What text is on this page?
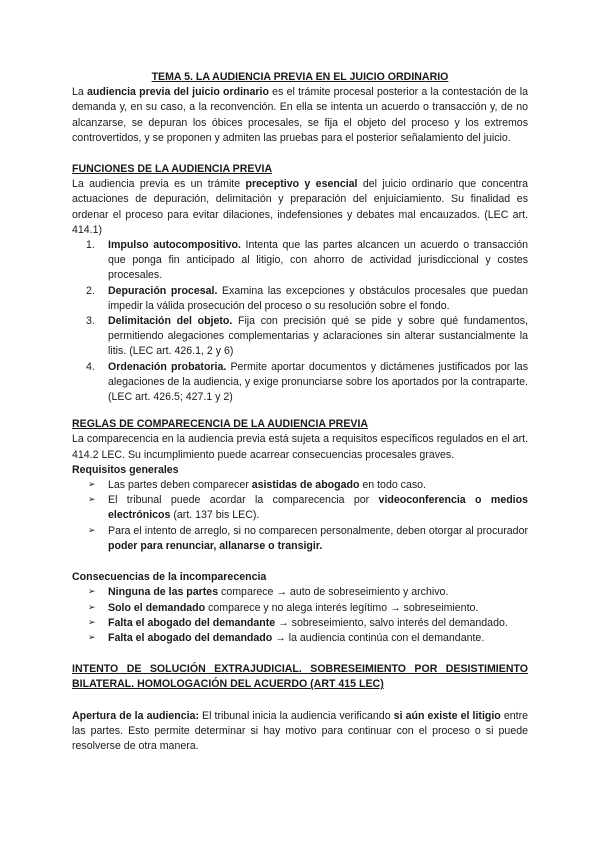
TEMA 5. LA AUDIENCIA PREVIA EN EL JUICIO ORDINARIO

La audiencia previa del juicio ordinario es el trámite procesal posterior a la contestación de la demanda y, en su caso, a la reconvención. En ella se intenta un acuerdo o transacción y, de no alcanzarse, se depuran los óbices procesales, se fija el objeto del proceso y los extremos controvertidos, y se proponen y admiten las pruebas para el posterior señalamiento del juicio.

FUNCIONES DE LA AUDIENCIA PREVIA

La audiencia previa es un trámite preceptivo y esencial del juicio ordinario que concentra actuaciones de depuración, delimitación y preparación del enjuiciamiento. Su finalidad es ordenar el proceso para evitar dilaciones, indefensiones y debates mal encauzados. (LEC art. 414.1)

1.	Impulso autocompositivo. Intenta que las partes alcancen un acuerdo o transacción que ponga fin anticipado al litigio, con ahorro de actividad jurisdiccional y costes procesales.
2.	Depuración procesal. Examina las excepciones y obstáculos procesales que puedan impedir la válida prosecución del proceso o su resolución sobre el fondo.
3.	Delimitación del objeto. Fija con precisión qué se pide y sobre qué fundamentos, permitiendo alegaciones complementarias y aclaraciones sin alterar sustancialmente la litis. (LEC art. 426.1, 2 y 6)
4.	Ordenación probatoria. Permite aportar documentos y dictámenes justificados por las alegaciones de la audiencia, y exige pronunciarse sobre los aportados por la contraparte. (LEC art. 426.5; 427.1 y 2)

REGLAS DE COMPARECENCIA DE LA AUDIENCIA PREVIA

La comparecencia en la audiencia previa está sujeta a requisitos específicos regulados en el art. 414.2 LEC. Su incumplimiento puede acarrear consecuencias procesales graves.

Requisitos generales

➢	Las partes deben comparecer asistidas de abogado en todo caso.
➢	El tribunal puede acordar la comparecencia por videoconferencia o medios electrónicos (art. 137 bis LEC).
➢	Para el intento de arreglo, si no comparecen personalmente, deben otorgar al procurador poder para renunciar, allanarse o transigir.

Consecuencias de la incomparecencia

➢	Ninguna de las partes comparece → auto de sobreseimiento y archivo.
➢	Solo el demandado comparece y no alega interés legítimo → sobreseimiento.
➢	Falta el abogado del demandante → sobreseimiento, salvo interés del demandado.
➢	Falta el abogado del demandado → la audiencia continúa con el demandante.

INTENTO DE SOLUCIÓN EXTRAJUDICIAL. SOBRESEIMIENTO POR DESISTIMIENTO BILATERAL. HOMOLOGACIÓN DEL ACUERDO (ART 415 LEC)

Apertura de la audiencia: El tribunal inicia la audiencia verificando si aún existe el litigio entre las partes. Esto permite determinar si hay motivo para continuar con el proceso o si puede resolverse de otra manera.
